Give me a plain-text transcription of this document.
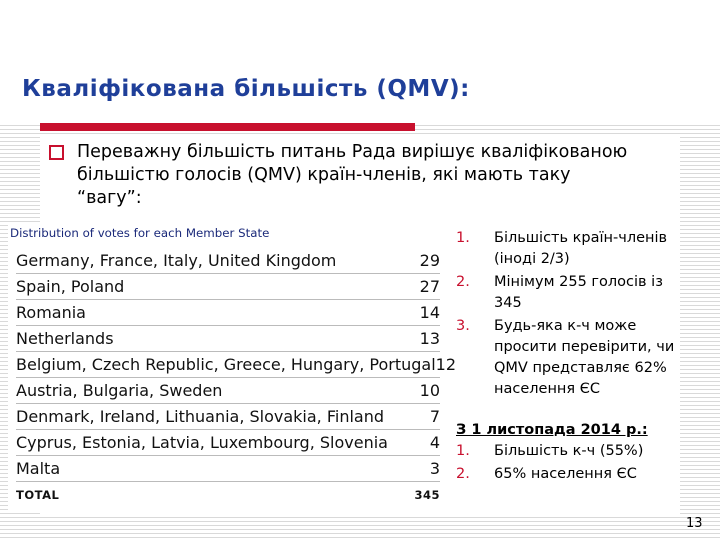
Кваліфікована більшість (QMV):
Переважну більшість питань Рада вирішує кваліфікованою більшістю голосів (QMV) країн-членів, які мають таку “вагу”:
Distribution of votes for each Member State
Germany, France, Italy, United Kingdom	29
Spain, Poland	27
Romania	14
Netherlands	13
Belgium, Czech Republic, Greece, Hungary, Portugal 12
Austria, Bulgaria, Sweden	10
Denmark, Ireland, Lithuania, Slovakia, Finland	7
Cyprus, Estonia, Latvia, Luxembourg, Slovenia	4
Malta	3
TOTAL	345
1. Більшість країн-членів (іноді 2/3)
2. Мінімум 255 голосів із 345
3. Будь-яка к-ч може просити перевірити, чи QMV представляє 62% населення ЄС
З 1 листопада 2014 р.:
1. Більшість к-ч (55%)
2. 65% населення ЄС
13
